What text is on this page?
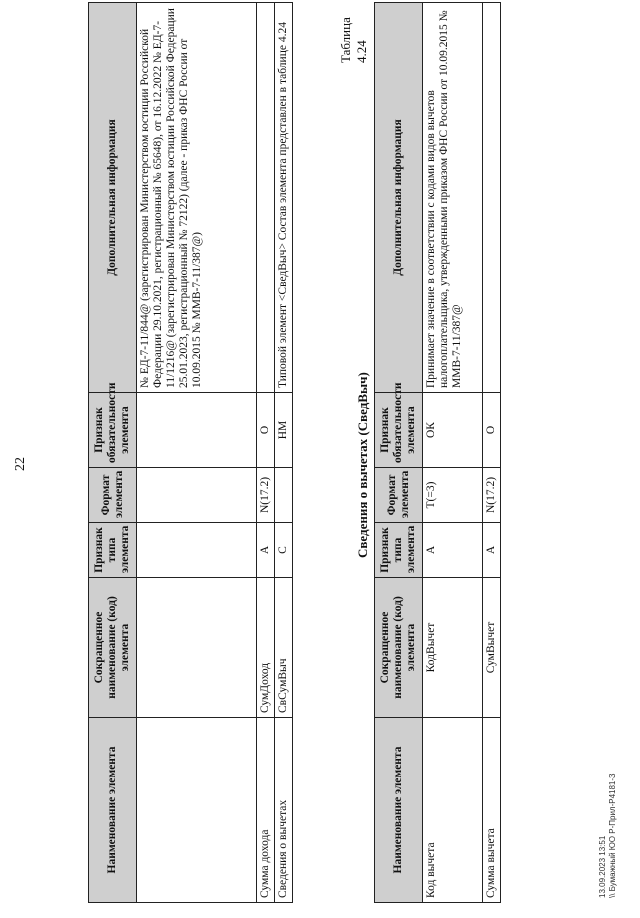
22
Наименование элемента	Сокращенное наименование (код) элемента	Признак типа элемента	Формат элемента	Признак обязательности элемента	Дополнительная информация
					№ ЕД-7-11/844@ (зарегистрирован Министерством юстиции Российской Федерации 29.10.2021, регистрационный № 65648), от 16.12.2022 № ЕД-7-11/1216@ (зарегистрирован Министерством юстиции Российской Федерации 25.01.2023, регистрационный № 72122) (далее - приказ ФНС России от 10.09.2015 № ММВ-7-11/387@)
Сумма дохода	СумДоход	А	N(17.2)	О	
Сведения о вычетах	СвСумВыч	С		НМ	Типовой элемент <СведВыч> Состав элемента представлен в таблице 4.24	Таблица 4.24
Сведения о вычетах (СведВыч)
Наименование элемента	Сокращенное наименование (код) элемента	Признак типа элемента	Формат элемента	Признак обязательности элемента	Дополнительная информация
Код вычета	КодВычет	А	T(=3)	ОК	Принимает значение в соответствии с кодами видов вычетов налогоплательщика, утвержденными приказом ФНС России от 10.09.2015 № ММВ-7-11/387@
Сумма вычета	СумВычет	А	N(17.2)	О	
13.09.2023 13:51 \\ Бумажный ЮО Р-Прил-Р4181-3
